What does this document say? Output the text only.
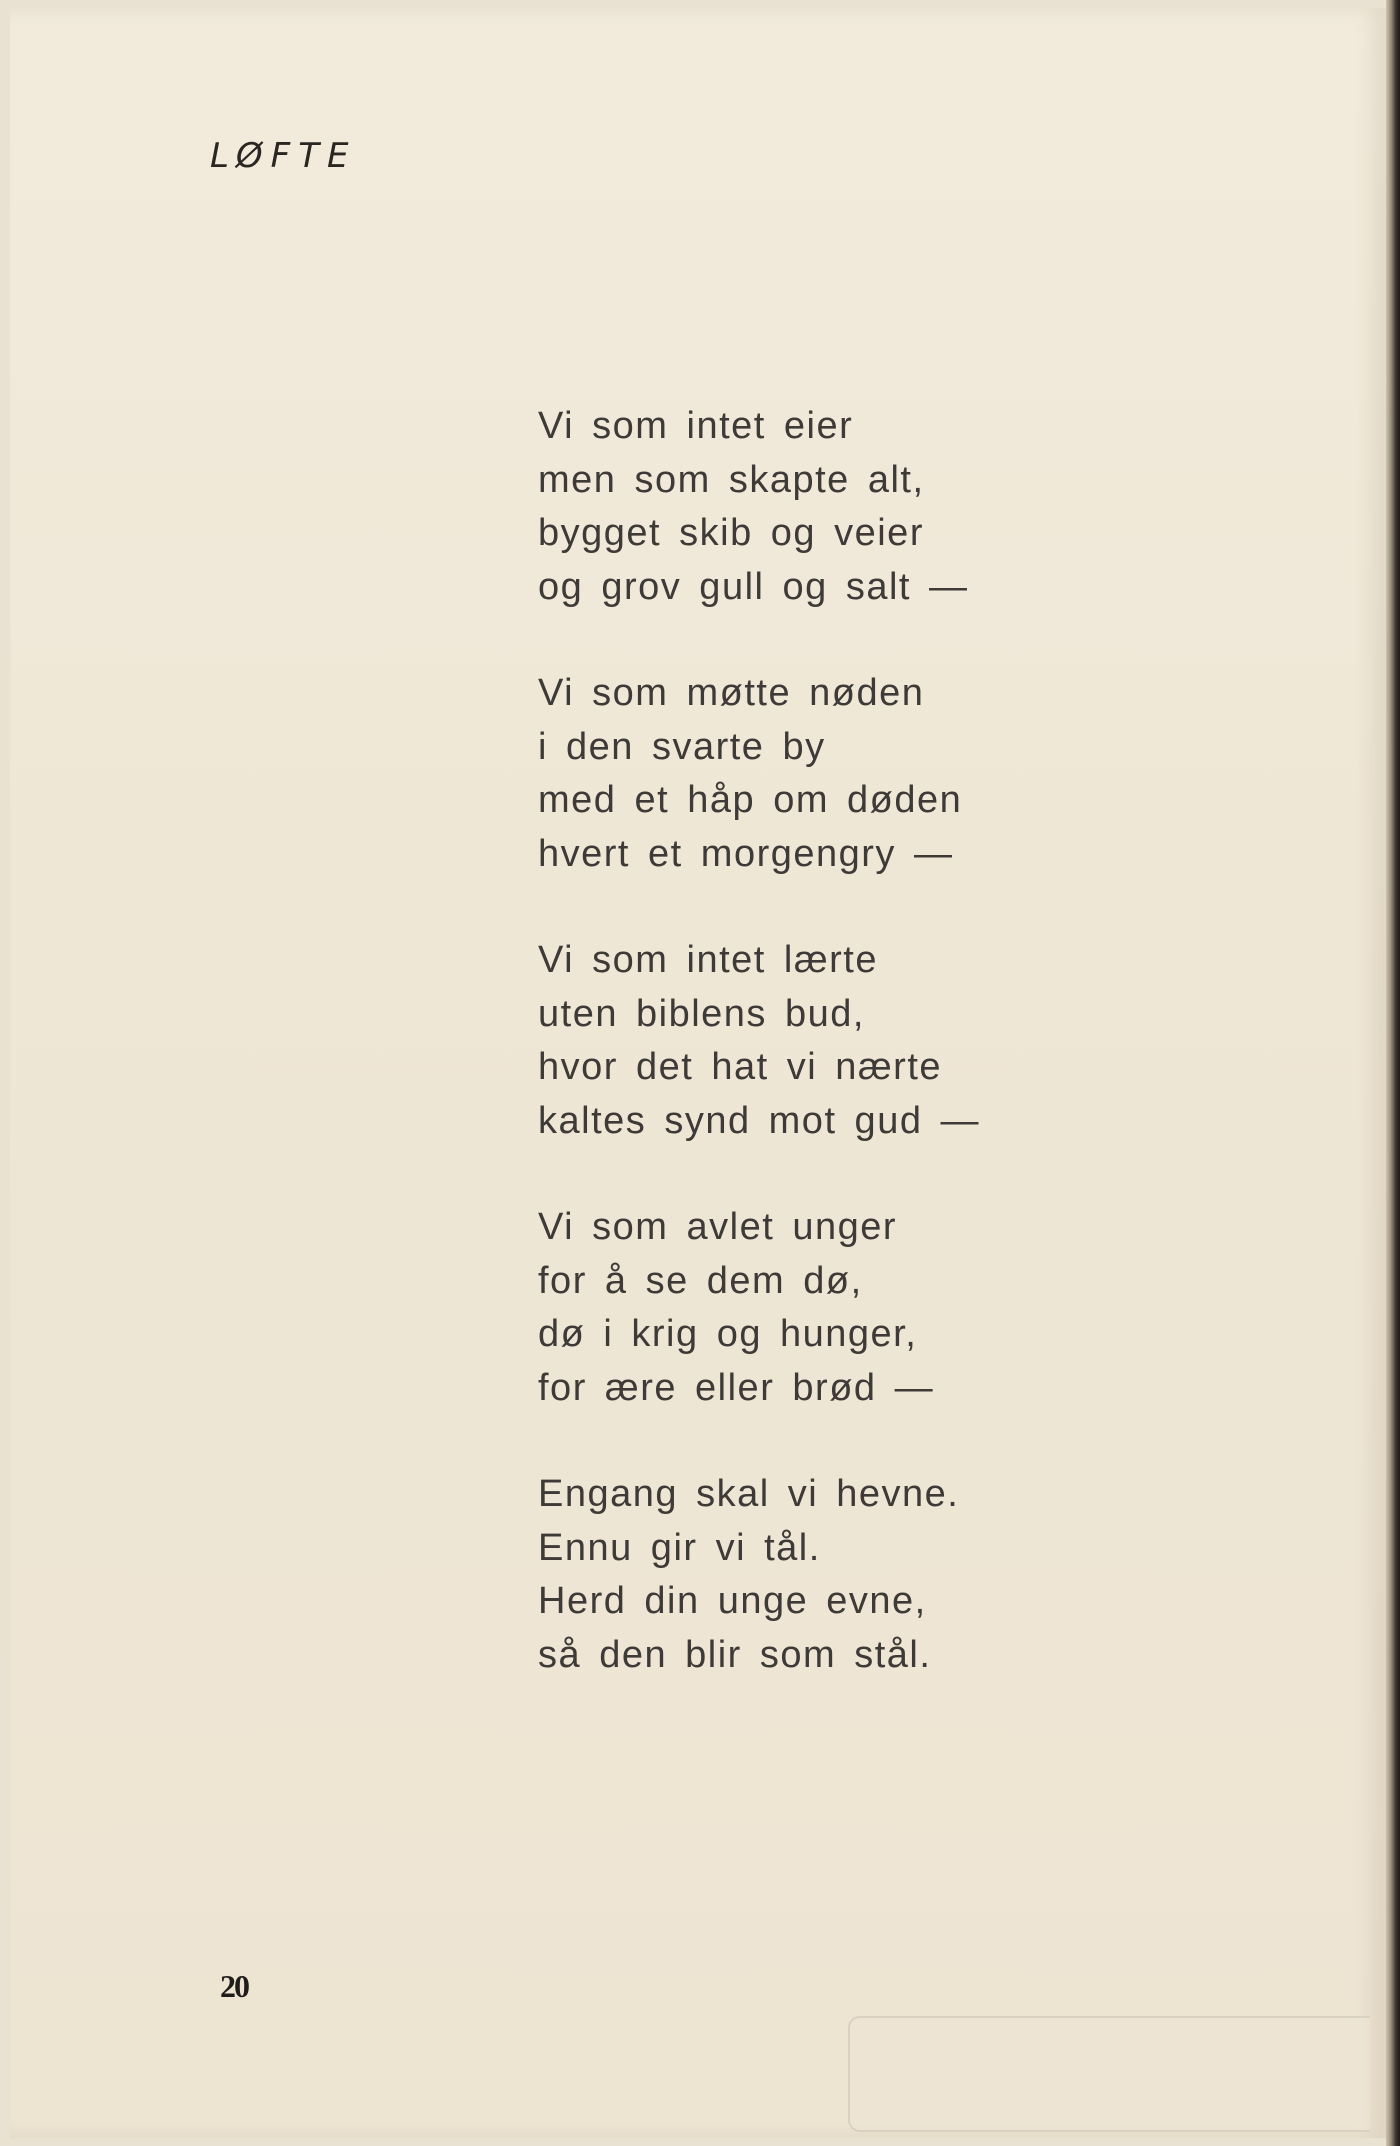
LØFTE
Vi som intet eier
men som skapte alt,
bygget skib og veier
og grov gull og salt —
Vi som møtte nøden
i den svarte by
med et håp om døden
hvert et morgengry —
Vi som intet lærte
uten biblens bud,
hvor det hat vi nærte
kaltes synd mot gud —
Vi som avlet unger
for å se dem dø,
dø i krig og hunger,
for ære eller brød —
Engang skal vi hevne.
Ennu gir vi tål.
Herd din unge evne,
så den blir som stål.
20
